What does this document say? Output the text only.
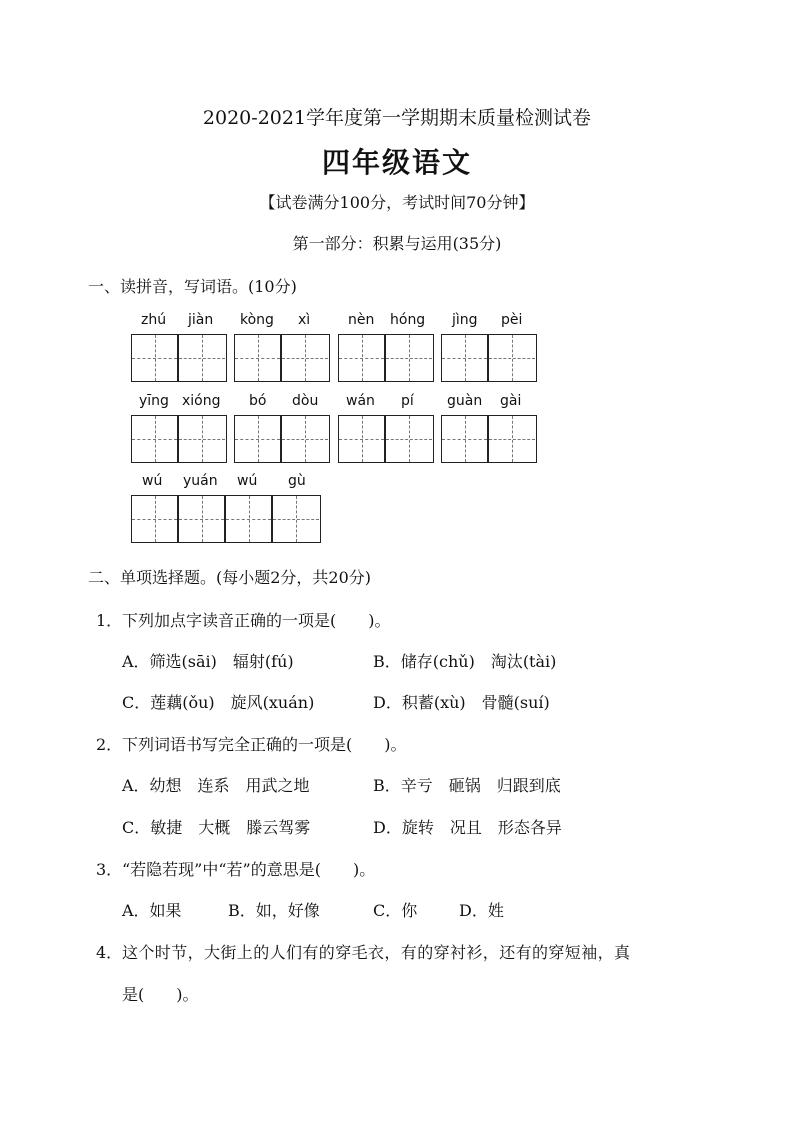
2020-2021学年度第一学期期末质量检测试卷
四年级语文
【试卷满分100分，考试时间70分钟】
第一部分：积累与运用(35分)
一、读拼音，写词语。(10分)
zhú jiàn kòng xì	nèn hóng jìng pèi
yīng xióng bó dòu wán pí guàn gài
wú yuán wú gù
二、单项选择题。(每小题2分，共20分)
1． 下列加点字读音正确的一项是(　　)。
A．筛选(sāi)　辐射(fú)	B．储存(chǔ)　淘汰(tài)
C．莲藕(ǒu)　旋风(xuán)	D．积蓄(xù)　骨髓(suí)
2． 下列词语书写完全正确的一项是(　　)。
A．幼想　连系　用武之地	B．辛亏　砸锅　归跟到底
C．敏捷　大概　滕云驾雾	D．旋转　况且　形态各异
3． “若隐若现”中“若”的意思是(　　)。
A．如果	B．如，好像	C．你	D．姓
4． 这个时节，大街上的人们有的穿毛衣，有的穿衬衫，还有的穿短袖，真
是(　　)。
